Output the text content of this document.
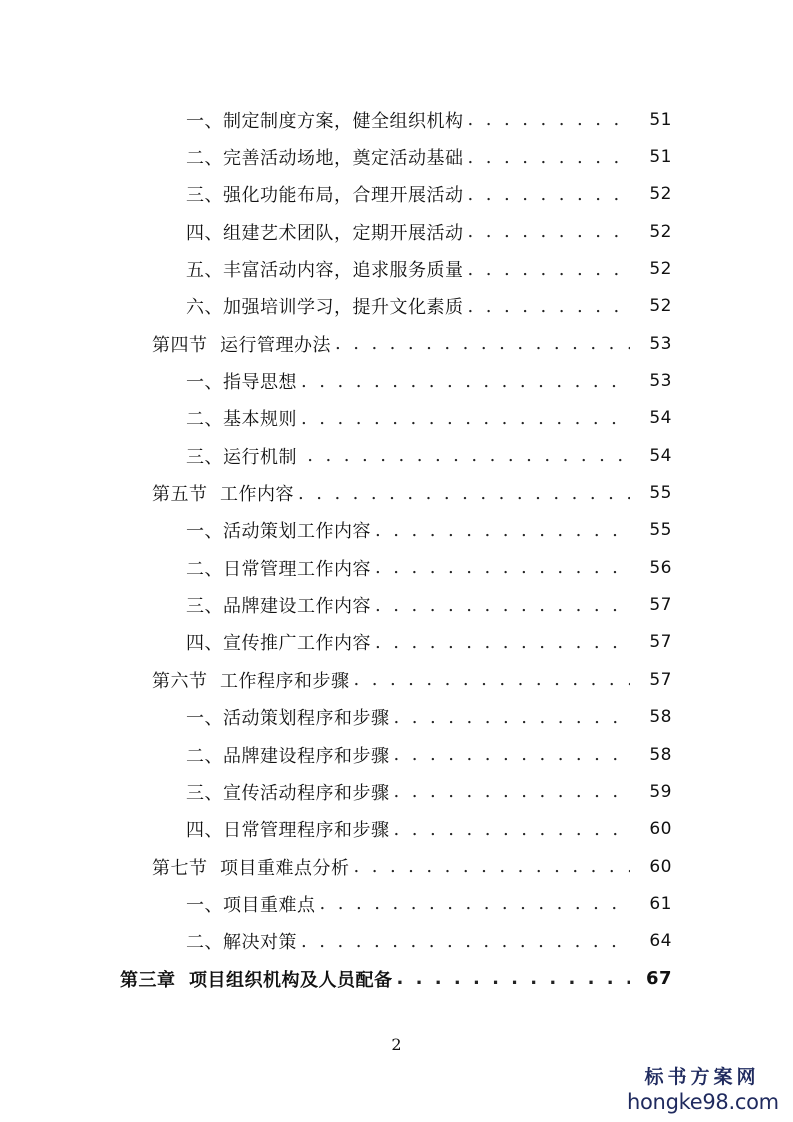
一、制定制度方案，健全组织机构 . . .	51
二、完善活动场地，奠定活动基础 . . .	51
三、强化功能布局，合理开展活动 . . .	52
四、组建艺术团队，定期开展活动 . . .	52
五、丰富活动内容，追求服务质量 . . .	52
六、加强培训学习，提升文化素质 . . .	52
第四节  运行管理办法 . . .	53
一、指导思想 . . .	53
二、基本规则 . . .	54
三、运行机制 . . .	54
第五节  工作内容 . . .	55
一、活动策划工作内容 . . .	55
二、日常管理工作内容 . . .	56
三、品牌建设工作内容 . . .	57
四、宣传推广工作内容 . . .	57
第六节  工作程序和步骤 . . .	57
一、活动策划程序和步骤 . . .	58
二、品牌建设程序和步骤 . . .	58
三、宣传活动程序和步骤 . . .	59
四、日常管理程序和步骤 . . .	60
第七节  项目重难点分析 . . .	60
一、项目重难点 . . .	61
二、解决对策 . . .	64
第三章  项目组织机构及人员配备 . . .	67
2
标书方案网
hongke98.com
